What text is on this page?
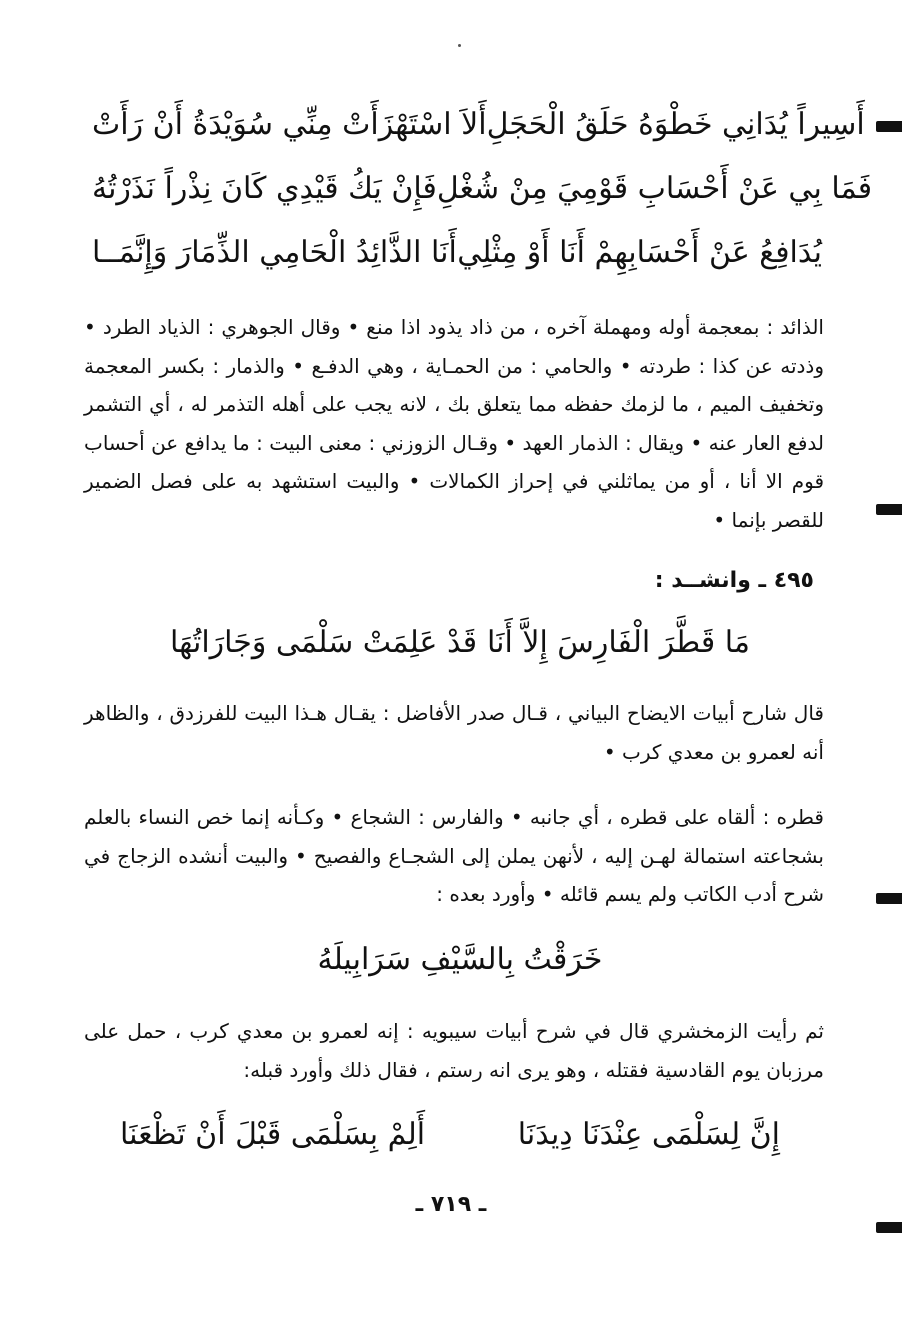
أَلاَ اسْتَهْزَأَتْ مِنِّي سُوَيْدَةُ أَنْ رَأَتْ أَسِيراً يُدَانِي خَطْوَهُ حَلَقُ الْحَجَلِ
فَإِنْ يَكُ قَيْدِي كَانَ نِذْراً نَذَرْتُهُ فَمَا بِي عَنْ أَحْسَابِ قَوْمِيَ مِنْ شُغْلِ
أَنَا الذَّائِدُ الْحَامِي الذِّمَارَ وَإِنَّمَــا يُدَافِعُ عَنْ أَحْسَابِهِمْ أَنَا أَوْ مِثْلِي

الذائد : بمعجمة أوله ومهملة آخره ، من ذاد يذود اذا منع • وقال الجوهري : الذياد الطرد • وذدته عن كذا : طردته • والحامي : من الحمـاية ، وهي الدفـع • والذمار : بكسر المعجمة وتخفيف الميم ، ما لزمك حفظه مما يتعلق بك ، لانه يجب على أهله التذمر له ، أي التشمر لدفع العار عنه • ويقال : الذمار العهد • وقـال الزوزني : معنى البيت : ما يدافع عن أحساب قوم الا أنا ، أو من يماثلني في إحراز الكمالات • والبيت استشهد به على فصل الضمير للقصر بإنما •

٤٩٥ ـ وانشــد :
قَدْ عَلِمَتْ سَلْمَى وَجَارَاتُهَا مَا قَطَّرَ الْفَارِسَ إِلاَّ أَنَا

قال شارح أبيات الايضاح البياني ، قـال صدر الأفاضل : يقـال هـذا البيت للفرزدق ، والظاهر أنه لعمرو بن معدي كرب •

قطره : ألقاه على قطره ، أي جانبه • والفارس : الشجاع • وكـأنه إنما خص النساء بالعلم بشجاعته استمالة لهـن إليه ، لأنهن يملن إلى الشجـاع والفصيح • والبيت أنشده الزجاج في شرح أدب الكاتب ولم يسم قائله • وأورد بعده :

خَرَقْتُ بِالسَّيْفِ سَرَابِيلَهُ

ثم رأيت الزمخشري قال في شرح أبيات سيبويه : إنه لعمرو بن معدي كرب ، حمل على مرزبان يوم القادسية فقتله ، وهو يرى انه رستم ، فقال ذلك وأورد قبله:

أَلِمْ بِسَلْمَى قَبْلَ أَنْ تَظْعَنَا	إِنَّ لِسَلْمَى عِنْدَنَا دِيدَنَا
ـ ٧١٩ ـ
